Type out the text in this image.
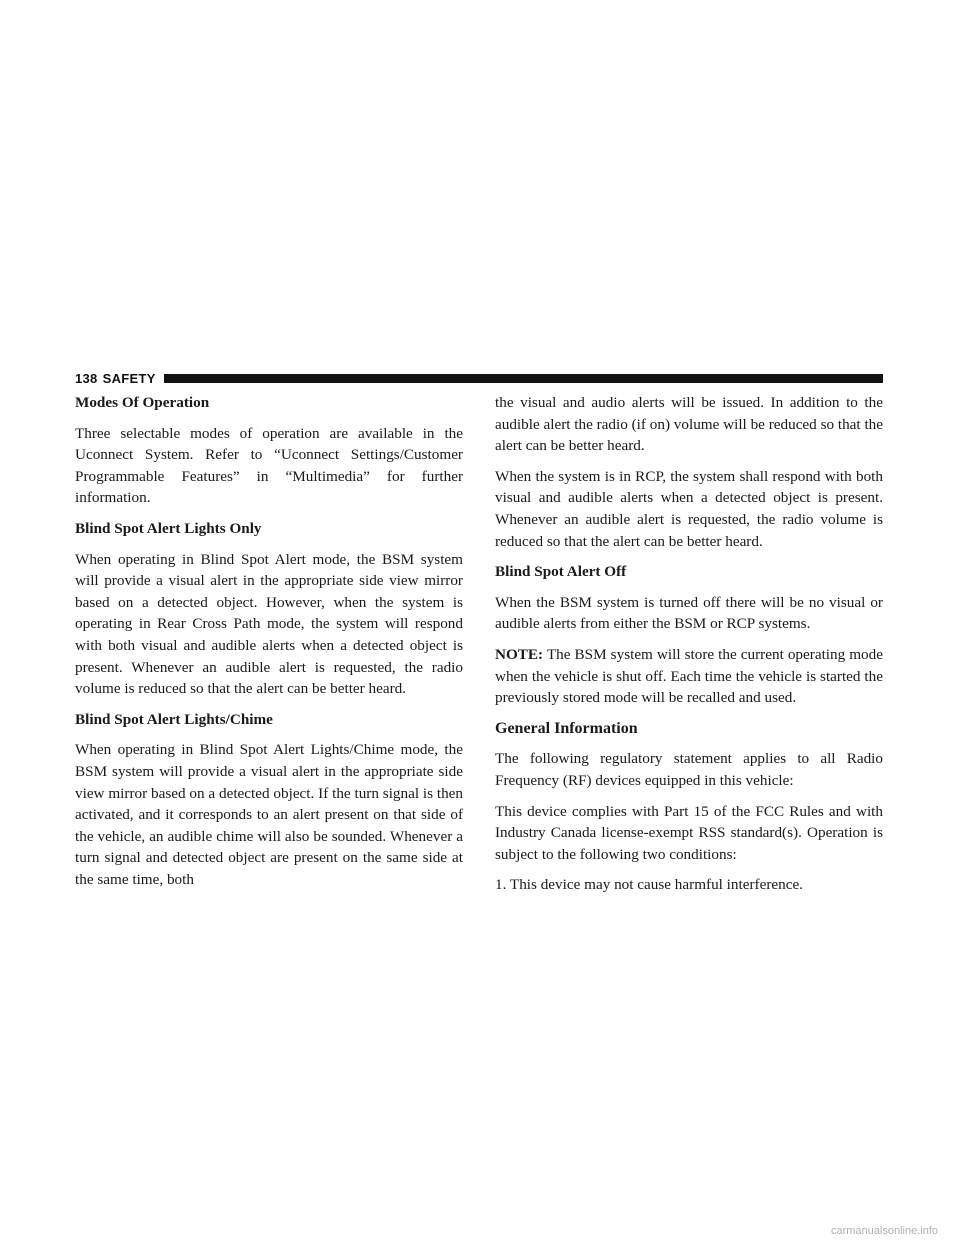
138 SAFETY
Modes Of Operation

Three selectable modes of operation are available in the Uconnect System. Refer to “Uconnect Settings/Customer Programmable Features” in “Multimedia” for further information.

Blind Spot Alert Lights Only

When operating in Blind Spot Alert mode, the BSM system will provide a visual alert in the appropriate side view mirror based on a detected object. However, when the system is operating in Rear Cross Path mode, the system will respond with both visual and audible alerts when a detected object is present. Whenever an audible alert is requested, the radio volume is reduced so that the alert can be better heard.

Blind Spot Alert Lights/Chime

When operating in Blind Spot Alert Lights/Chime mode, the BSM system will provide a visual alert in the appropriate side view mirror based on a detected object. If the turn signal is then activated, and it corresponds to an alert present on that side of the vehicle, an audible chime will also be sounded. Whenever a turn signal and detected object are present on the same side at the same time, both

the visual and audio alerts will be issued. In addition to the audible alert the radio (if on) volume will be reduced so that the alert can be better heard.

When the system is in RCP, the system shall respond with both visual and audible alerts when a detected object is present. Whenever an audible alert is requested, the radio volume is reduced so that the alert can be better heard.

Blind Spot Alert Off

When the BSM system is turned off there will be no visual or audible alerts from either the BSM or RCP systems.

NOTE: The BSM system will store the current operating mode when the vehicle is shut off. Each time the vehicle is started the previously stored mode will be recalled and used.

General Information

The following regulatory statement applies to all Radio Frequency (RF) devices equipped in this vehicle:

This device complies with Part 15 of the FCC Rules and with Industry Canada license-exempt RSS standard(s). Operation is subject to the following two conditions:

1. This device may not cause harmful interference.

carmanualsonline.info
